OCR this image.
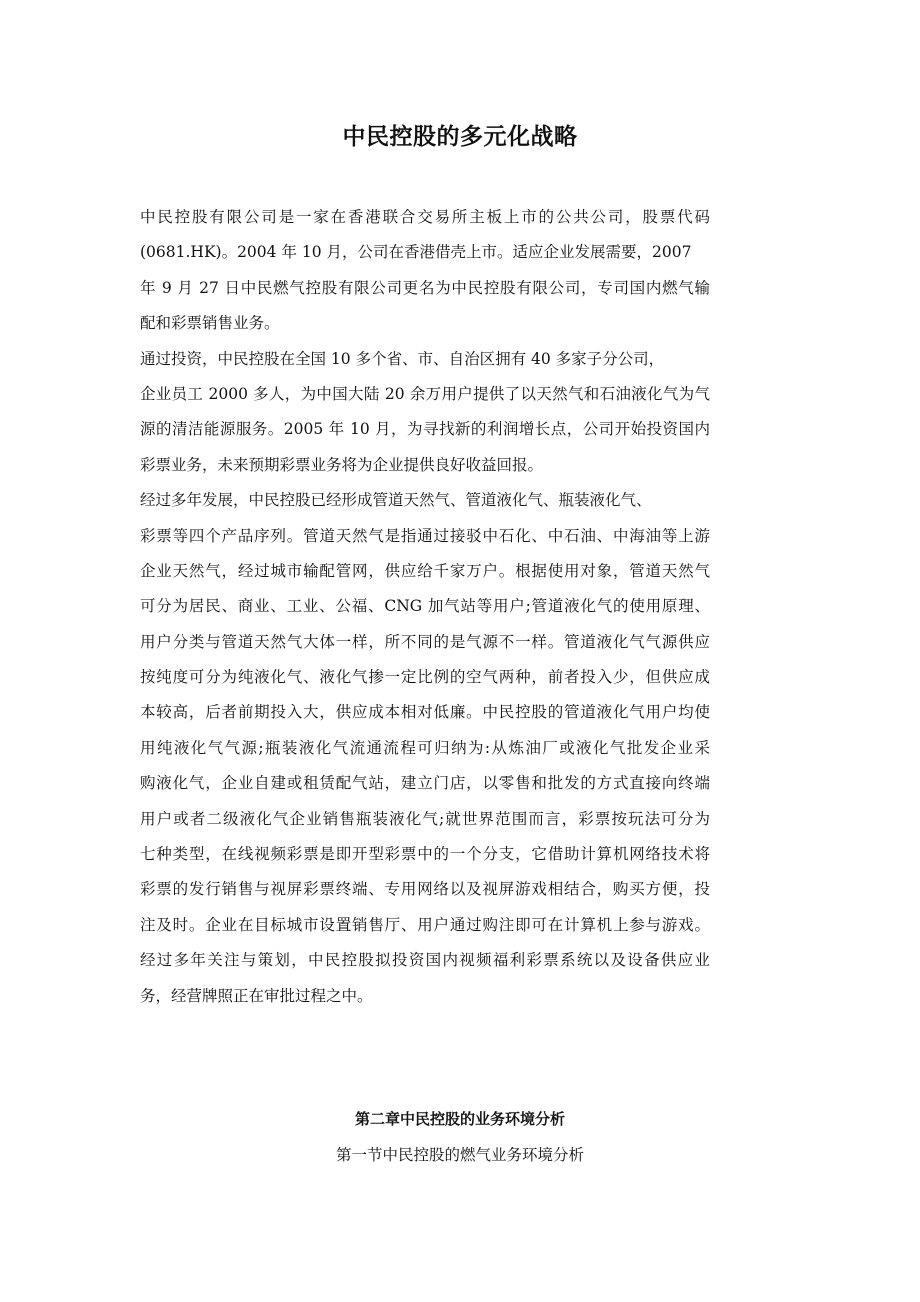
中民控股的多元化战略
中民控股有限公司是一家在香港联合交易所主板上市的公共公司，股票代码
(0681.HK)。2004 年 10 月，公司在香港借壳上市。适应企业发展需要，2007
年 9 月 27 日中民燃气控股有限公司更名为中民控股有限公司，专司国内燃气输
配和彩票销售业务。
通过投资，中民控股在全国 10 多个省、市、自治区拥有 40 多家子分公司，
企业员工 2000 多人，为中国大陆 20 余万用户提供了以天然气和石油液化气为气
源的清洁能源服务。2005 年 10 月，为寻找新的利润增长点，公司开始投资国内
彩票业务，未来预期彩票业务将为企业提供良好收益回报。
经过多年发展，中民控股已经形成管道天然气、管道液化气、瓶装液化气、
彩票等四个产品序列。管道天然气是指通过接驳中石化、中石油、中海油等上游
企业天然气，经过城市输配管网，供应给千家万户。根据使用对象，管道天然气
可分为居民、商业、工业、公福、CNG 加气站等用户;管道液化气的使用原理、
用户分类与管道天然气大体一样，所不同的是气源不一样。管道液化气气源供应
按纯度可分为纯液化气、液化气掺一定比例的空气两种，前者投入少，但供应成
本较高，后者前期投入大，供应成本相对低廉。中民控股的管道液化气用户均使
用纯液化气气源;瓶装液化气流通流程可归纳为:从炼油厂或液化气批发企业采
购液化气，企业自建或租赁配气站，建立门店，以零售和批发的方式直接向终端
用户或者二级液化气企业销售瓶装液化气;就世界范围而言，彩票按玩法可分为
七种类型，在线视频彩票是即开型彩票中的一个分支，它借助计算机网络技术将
彩票的发行销售与视屏彩票终端、专用网络以及视屏游戏相结合，购买方便，投
注及时。企业在目标城市设置销售厅、用户通过购注即可在计算机上参与游戏。
经过多年关注与策划，中民控股拟投资国内视频福利彩票系统以及设备供应业
务，经营牌照正在审批过程之中。
第二章中民控股的业务环境分析
第一节中民控股的燃气业务环境分析
